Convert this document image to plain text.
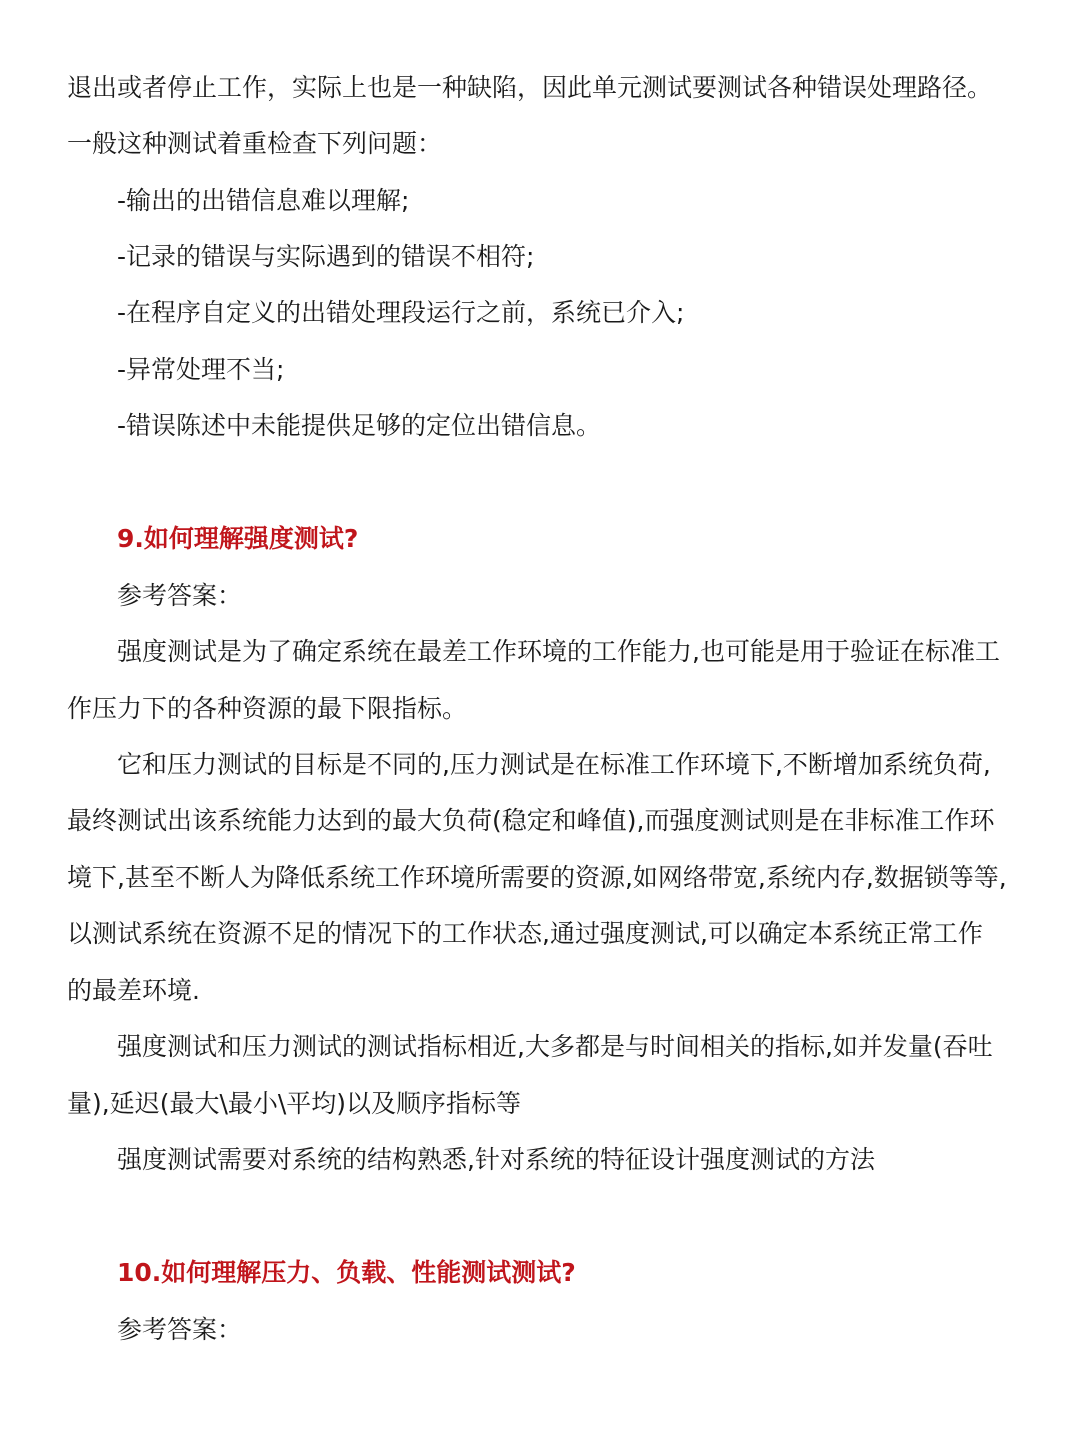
退出或者停止工作，实际上也是一种缺陷，因此单元测试要测试各种错误处理路径。
一般这种测试着重检查下列问题：
-输出的出错信息难以理解;
-记录的错误与实际遇到的错误不相符;
-在程序自定义的出错处理段运行之前，系统已介入;
-异常处理不当;
-错误陈述中未能提供足够的定位出错信息。
9.如何理解强度测试?
参考答案：
强度测试是为了确定系统在最差工作环境的工作能力,也可能是用于验证在标准工
作压力下的各种资源的最下限指标。
它和压力测试的目标是不同的,压力测试是在标准工作环境下,不断增加系统负荷,
最终测试出该系统能力达到的最大负荷(稳定和峰值),而强度测试则是在非标准工作环
境下,甚至不断人为降低系统工作环境所需要的资源,如网络带宽,系统内存,数据锁等等,
以测试系统在资源不足的情况下的工作状态,通过强度测试,可以确定本系统正常工作
的最差环境.
强度测试和压力测试的测试指标相近,大多都是与时间相关的指标,如并发量(吞吐
量),延迟(最大\最小\平均)以及顺序指标等
强度测试需要对系统的结构熟悉,针对系统的特征设计强度测试的方法
10.如何理解压力、负载、性能测试测试?
参考答案：
